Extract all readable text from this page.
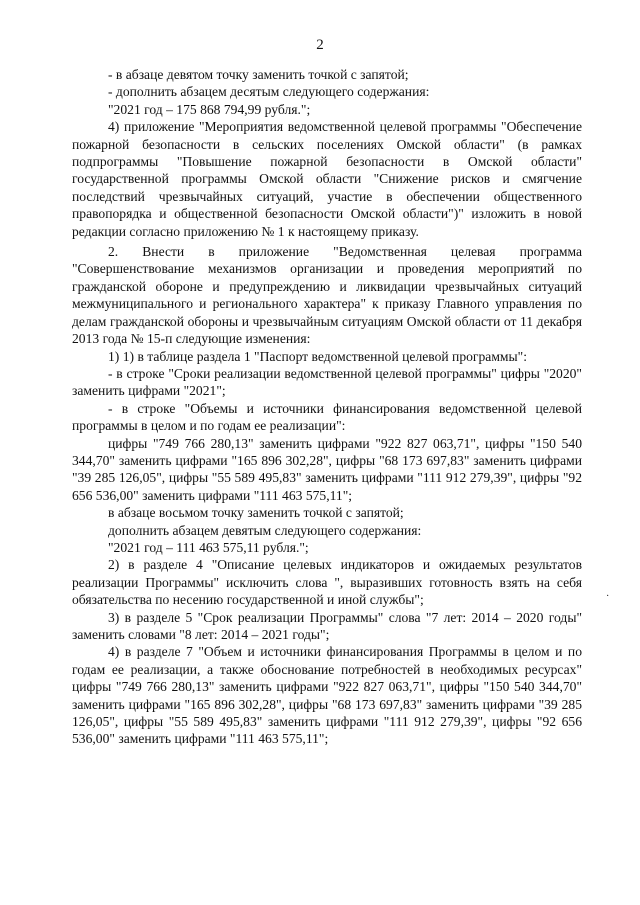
2

- в абзаце девятом точку заменить точкой с запятой;

- дополнить абзацем десятым следующего содержания:

"2021 год – 175 868 794,99 рубля.";

4) приложение "Мероприятия ведомственной целевой программы "Обеспечение пожарной безопасности в сельских поселениях Омской области" (в рамках подпрограммы "Повышение пожарной безопасности в Омской области" государственной программы Омской области "Снижение рисков и смягчение последствий чрезвычайных ситуаций, участие в обеспечении общественного правопорядка и общественной безопасности Омской области")" изложить в новой редакции согласно приложению № 1 к настоящему приказу.

2. Внести в приложение "Ведомственная целевая программа "Совершенствование механизмов организации и проведения мероприятий по гражданской обороне и предупреждению и ликвидации чрезвычайных ситуаций межмуниципального и регионального характера" к приказу Главного управления по делам гражданской обороны и чрезвычайным ситуациям Омской области от 11 декабря 2013 года № 15-п следующие изменения:

1) 1) в таблице раздела 1 "Паспорт ведомственной целевой программы":

- в строке "Сроки реализации ведомственной целевой программы" цифры "2020" заменить цифрами "2021";

- в строке "Объемы и источники финансирования ведомственной целевой программы в целом и по годам ее реализации":

цифры "749 766 280,13" заменить цифрами "922 827 063,71", цифры "150 540 344,70" заменить цифрами "165 896 302,28", цифры "68 173 697,83" заменить цифрами "39 285 126,05", цифры "55 589 495,83" заменить цифрами "111 912 279,39", цифры "92 656 536,00" заменить цифрами "111 463 575,11";

в абзаце восьмом точку заменить точкой с запятой;

дополнить абзацем девятым следующего содержания:

"2021 год – 111 463 575,11 рубля.";

2) в разделе 4 "Описание целевых индикаторов и ожидаемых результатов реализации Программы" исключить слова ", выразивших готовность взять на себя обязательства по несению государственной и иной службы";

3) в разделе 5 "Срок реализации Программы" слова "7 лет: 2014 – 2020 годы" заменить словами "8 лет: 2014 – 2021 годы";

4) в разделе 7 "Объем и источники финансирования Программы в целом и по годам ее реализации, а также обоснование потребностей в необходимых ресурсах" цифры "749 766 280,13" заменить цифрами "922 827 063,71", цифры "150 540 344,70" заменить цифрами "165 896 302,28", цифры "68 173 697,83" заменить цифрами "39 285 126,05", цифры "55 589 495,83" заменить цифрами "111 912 279,39", цифры "92 656 536,00" заменить цифрами "111 463 575,11";

·
